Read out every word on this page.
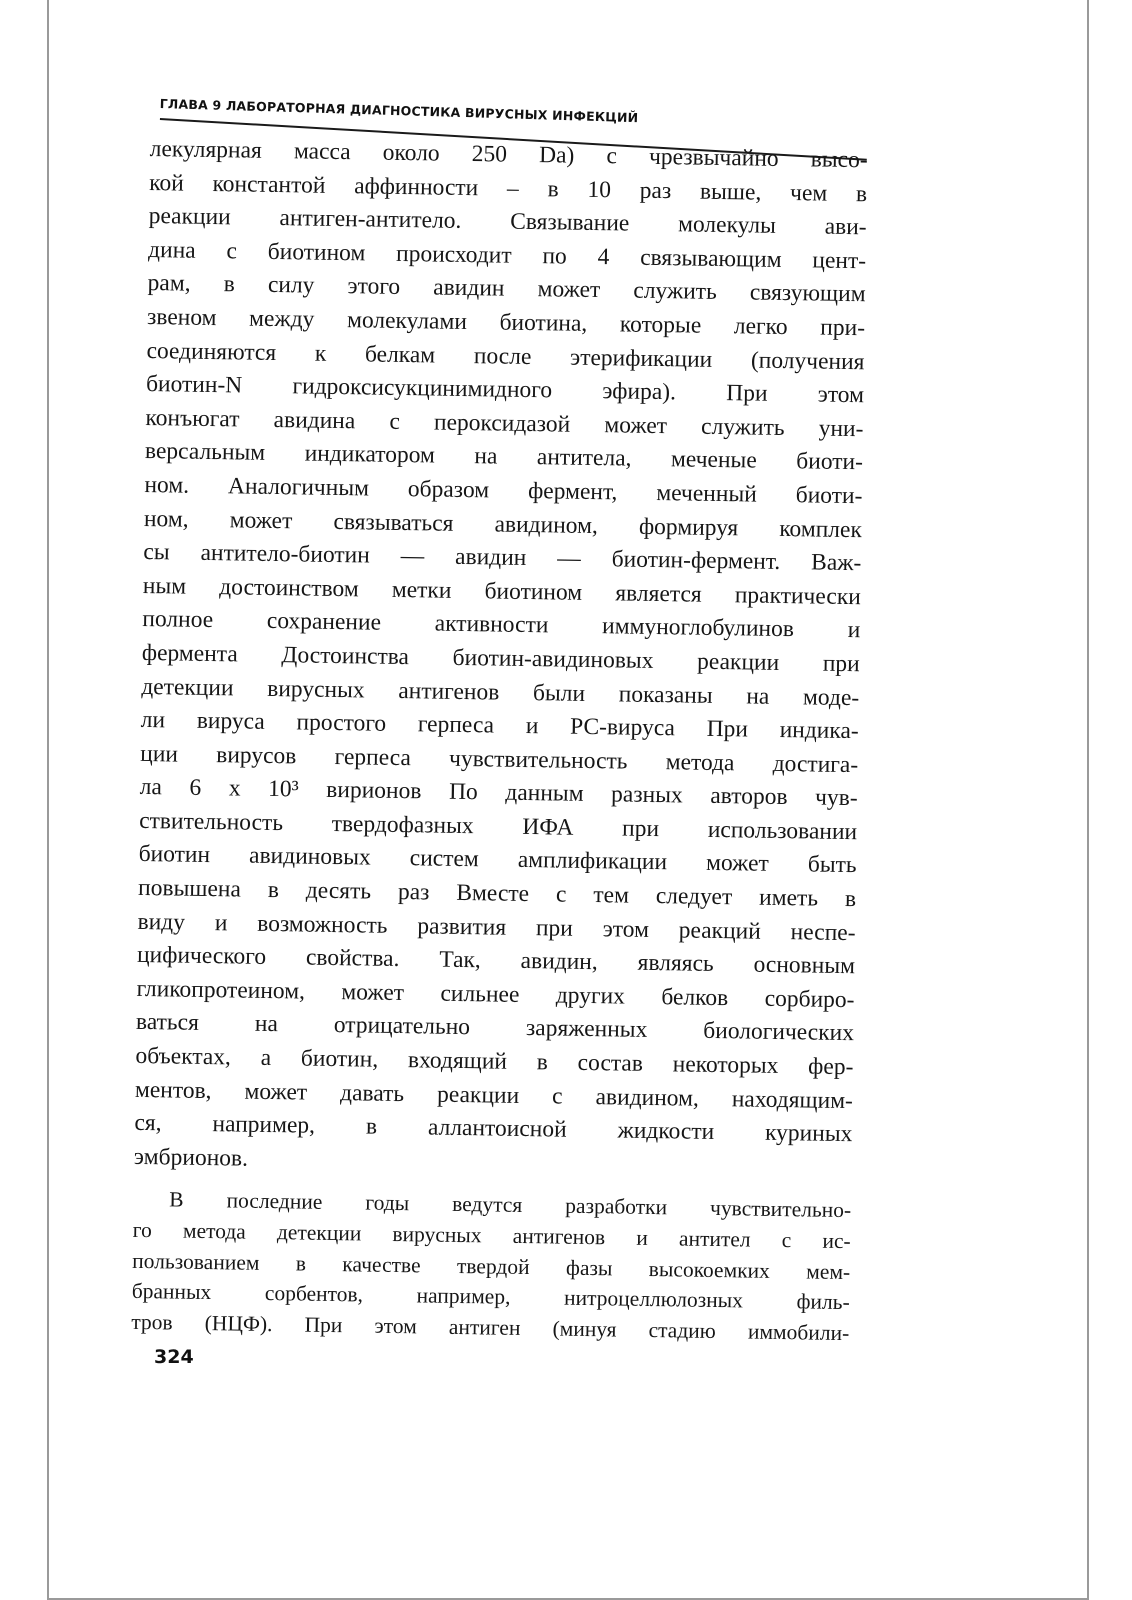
ГЛАВА 9 ЛАБОРАТОРНАЯ ДИАГНОСТИКА ВИРУСНЫХ ИНФЕКЦИЙ
лекулярная масса около 250 Da) с чрезвычайно высо-
кой константой аффинности – в 10 раз выше, чем в
реакции антиген-антитело. Связывание молекулы ави-
дина с биотином происходит по 4 связывающим цент-
рам, в силу этого авидин может служить связующим
звеном между молекулами биотина, которые легко при-
соединяются к белкам после этерификации (получения
биотин-N гидроксисукцинимидного эфира). При этом
конъюгат авидина с пероксидазой может служить уни-
версальным индикатором на антитела, меченые биоти-
ном. Аналогичным образом фермент, меченный биоти-
ном, может связываться авидином, формируя комплек
сы антитело-биотин — авидин — биотин-фермент. Важ-
ным достоинством метки биотином является практически
полное сохранение активности иммуноглобулинов и
фермента Достоинства биотин-авидиновых реакции при
детекции вирусных антигенов были показаны на моде-
ли вируса простого герпеса и РС-вируса При индика-
ции вирусов герпеса чувствительность метода достига-
ла 6 х 10³ вирионов По данным разных авторов чув-
ствительность твердофазных ИФА при использовании
биотин авидиновых систем амплификации может быть
повышена в десять раз Вместе с тем следует иметь в
виду и возможность развития при этом реакций неспе-
цифического свойства. Так, авидин, являясь основным
гликопротеином, может сильнее других белков сорбиро-
ваться на отрицательно заряженных биологических
объектах, а биотин, входящий в состав некоторых фер-
ментов, может давать реакции с авидином, находящим-
ся, например, в аллантоисной жидкости куриных
эмбрионов.
В последние годы ведутся разработки чувствительно-
го метода детекции вирусных антигенов и антител с ис-
пользованием в качестве твердой фазы высокоемких мем-
бранных сорбентов, например, нитроцеллюлозных филь-
тров (НЦФ). При этом антиген (минуя стадию иммобили-
324
